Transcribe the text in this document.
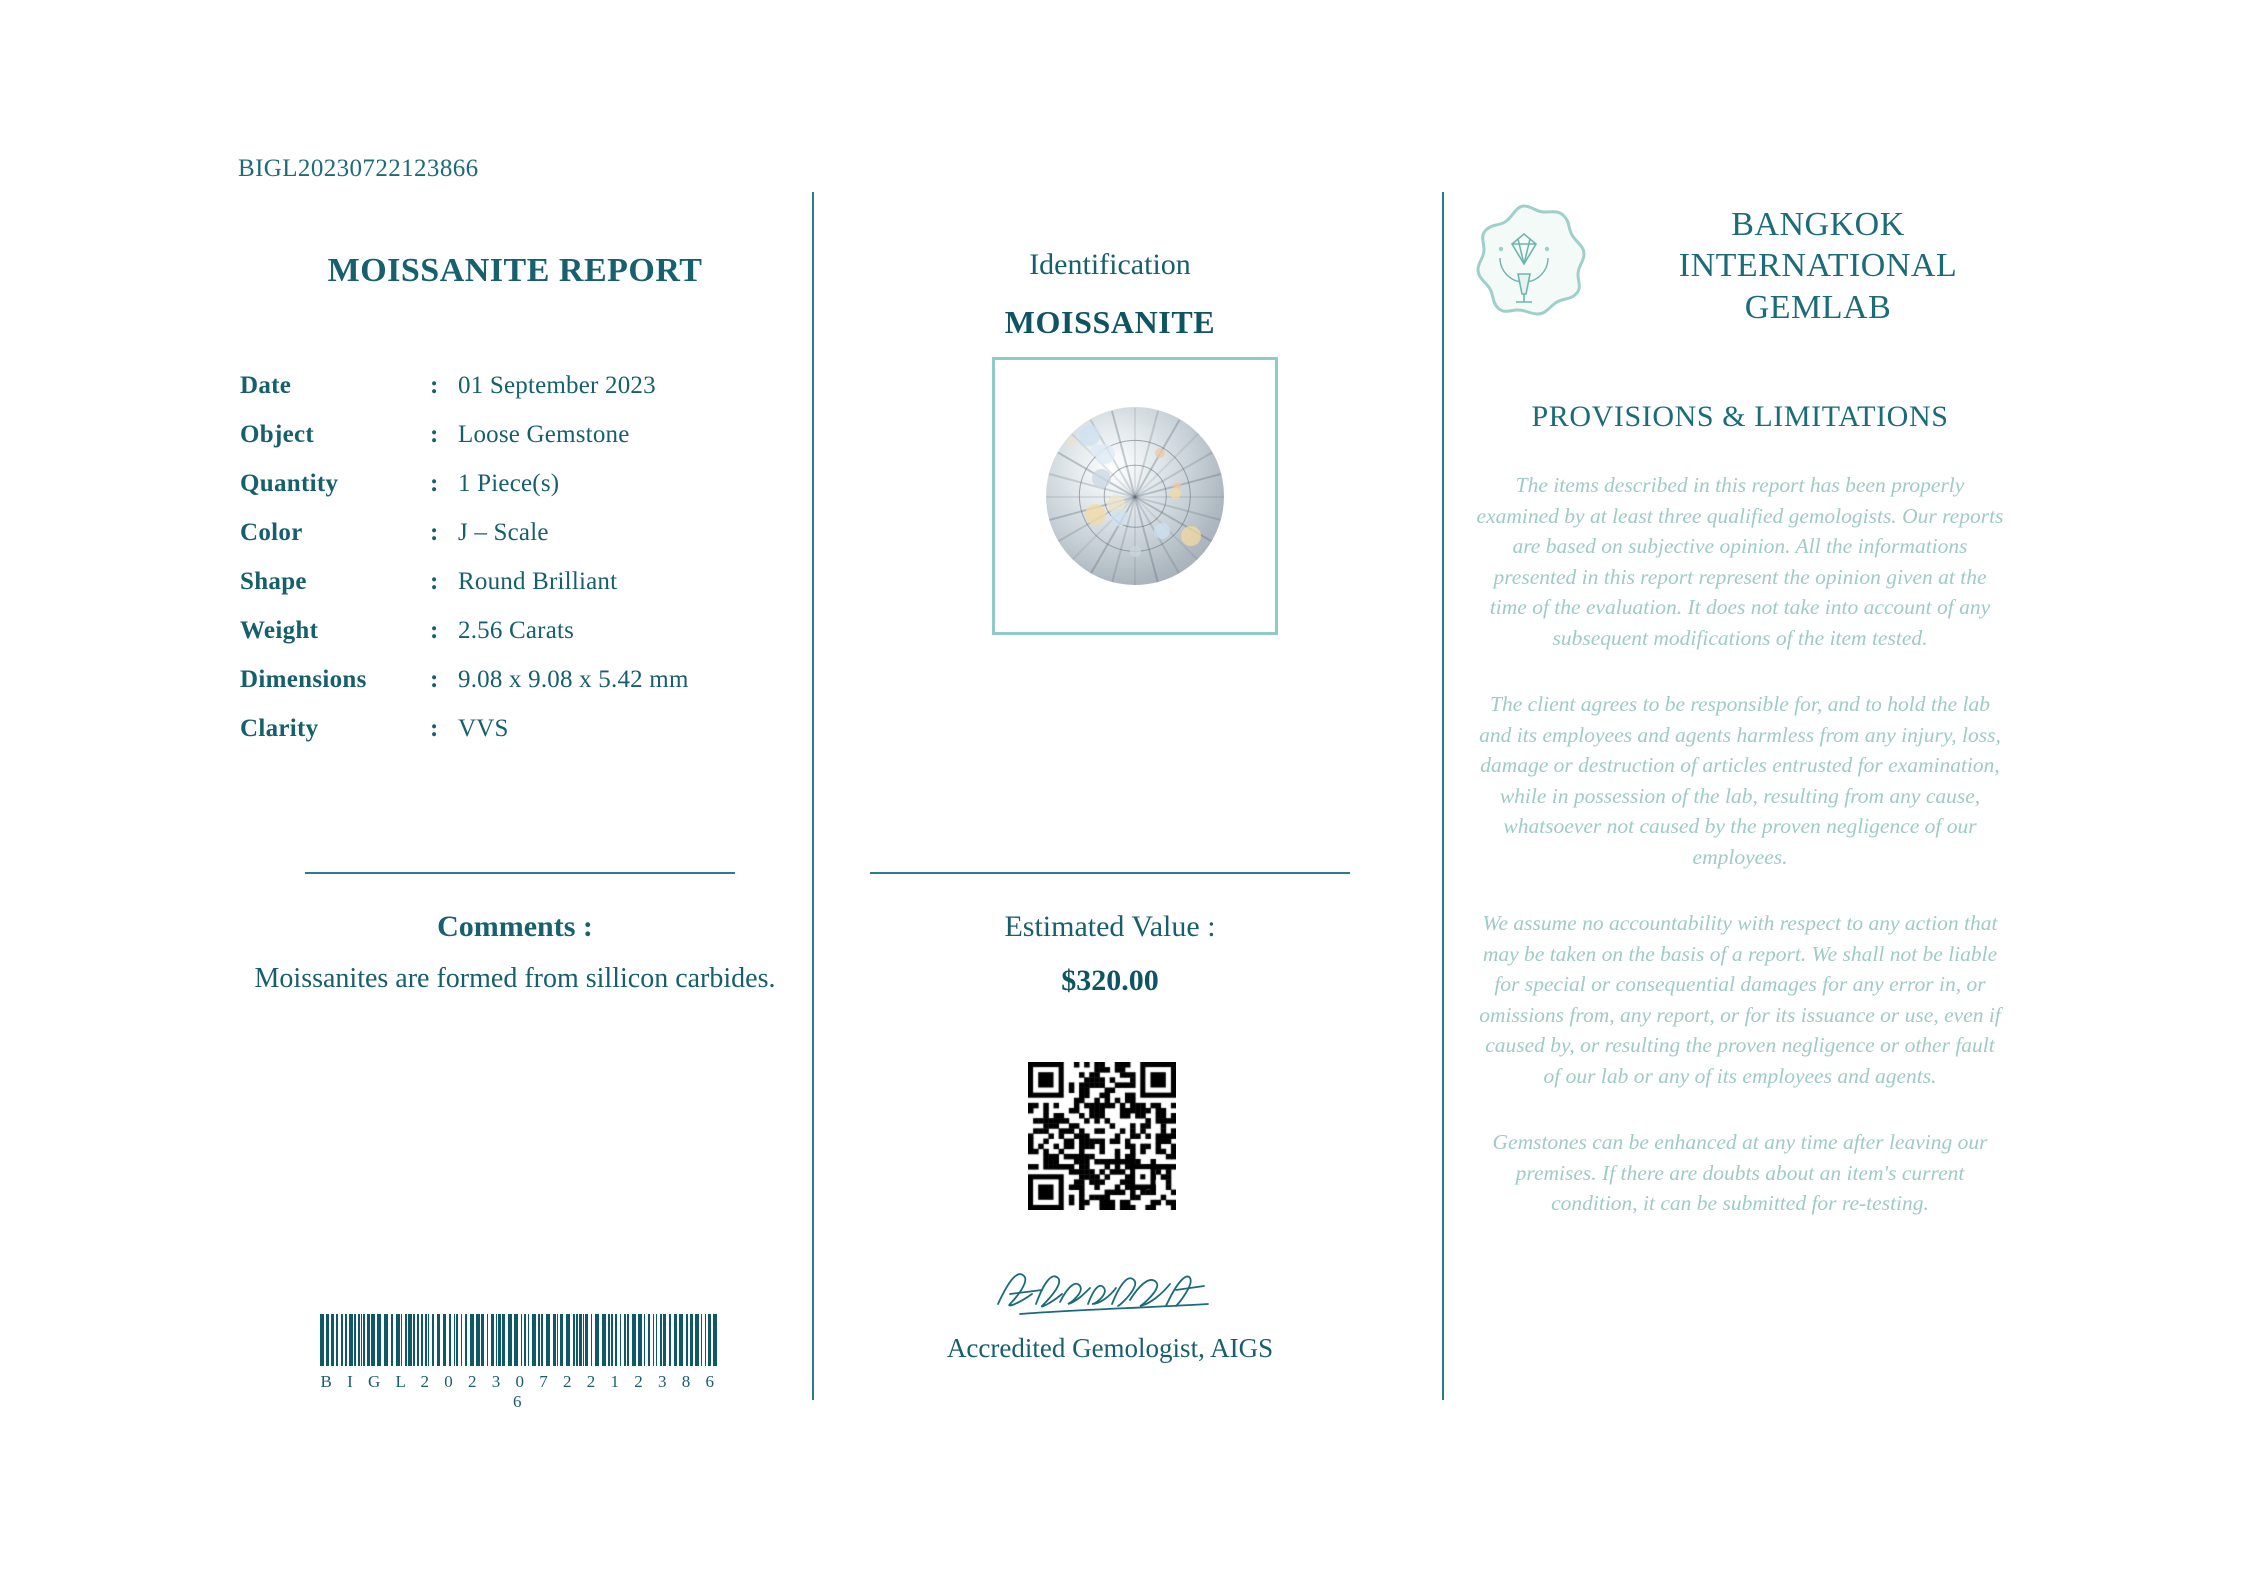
BIGL20230722123866
MOISSANITE REPORT
Date	:	01 September 2023
Object	:	Loose Gemstone
Quantity	:	1 Piece(s)
Color	:	J – Scale
Shape	:	Round Brilliant
Weight	:	2.56 Carats
Dimensions	:	9.08 x 9.08 x 5.42 mm
Clarity	:	VVS
Comments :
Moissanites are formed from sillicon carbides.
B I G L 2 0 2 3 0 7 2 2 1 2 3 8 6 6
Identification
MOISSANITE
Estimated Value :
$320.00
Accredited Gemologist, AIGS
BANGKOK INTERNATIONAL GEMLAB
PROVISIONS & LIMITATIONS
The items described in this report has been properly examined by at least three qualified gemologists. Our reports are based on subjective opinion. All the informations presented in this report represent the opinion given at the time of the evaluation. It does not take into account of any subsequent modifications of the item tested.
The client agrees to be responsible for, and to hold the lab and its employees and agents harmless from any injury, loss, damage or destruction of articles entrusted for examination, while in possession of the lab, resulting from any cause, whatsoever not caused by the proven negligence of our employees.
We assume no accountability with respect to any action that may be taken on the basis of a report. We shall not be liable for special or consequential damages for any error in, or omissions from, any report, or for its issuance or use, even if caused by, or resulting the proven negligence or other fault of our lab or any of its employees and agents.
Gemstones can be enhanced at any time after leaving our premises. If there are doubts about an item's current condition, it can be submitted for re-testing.
